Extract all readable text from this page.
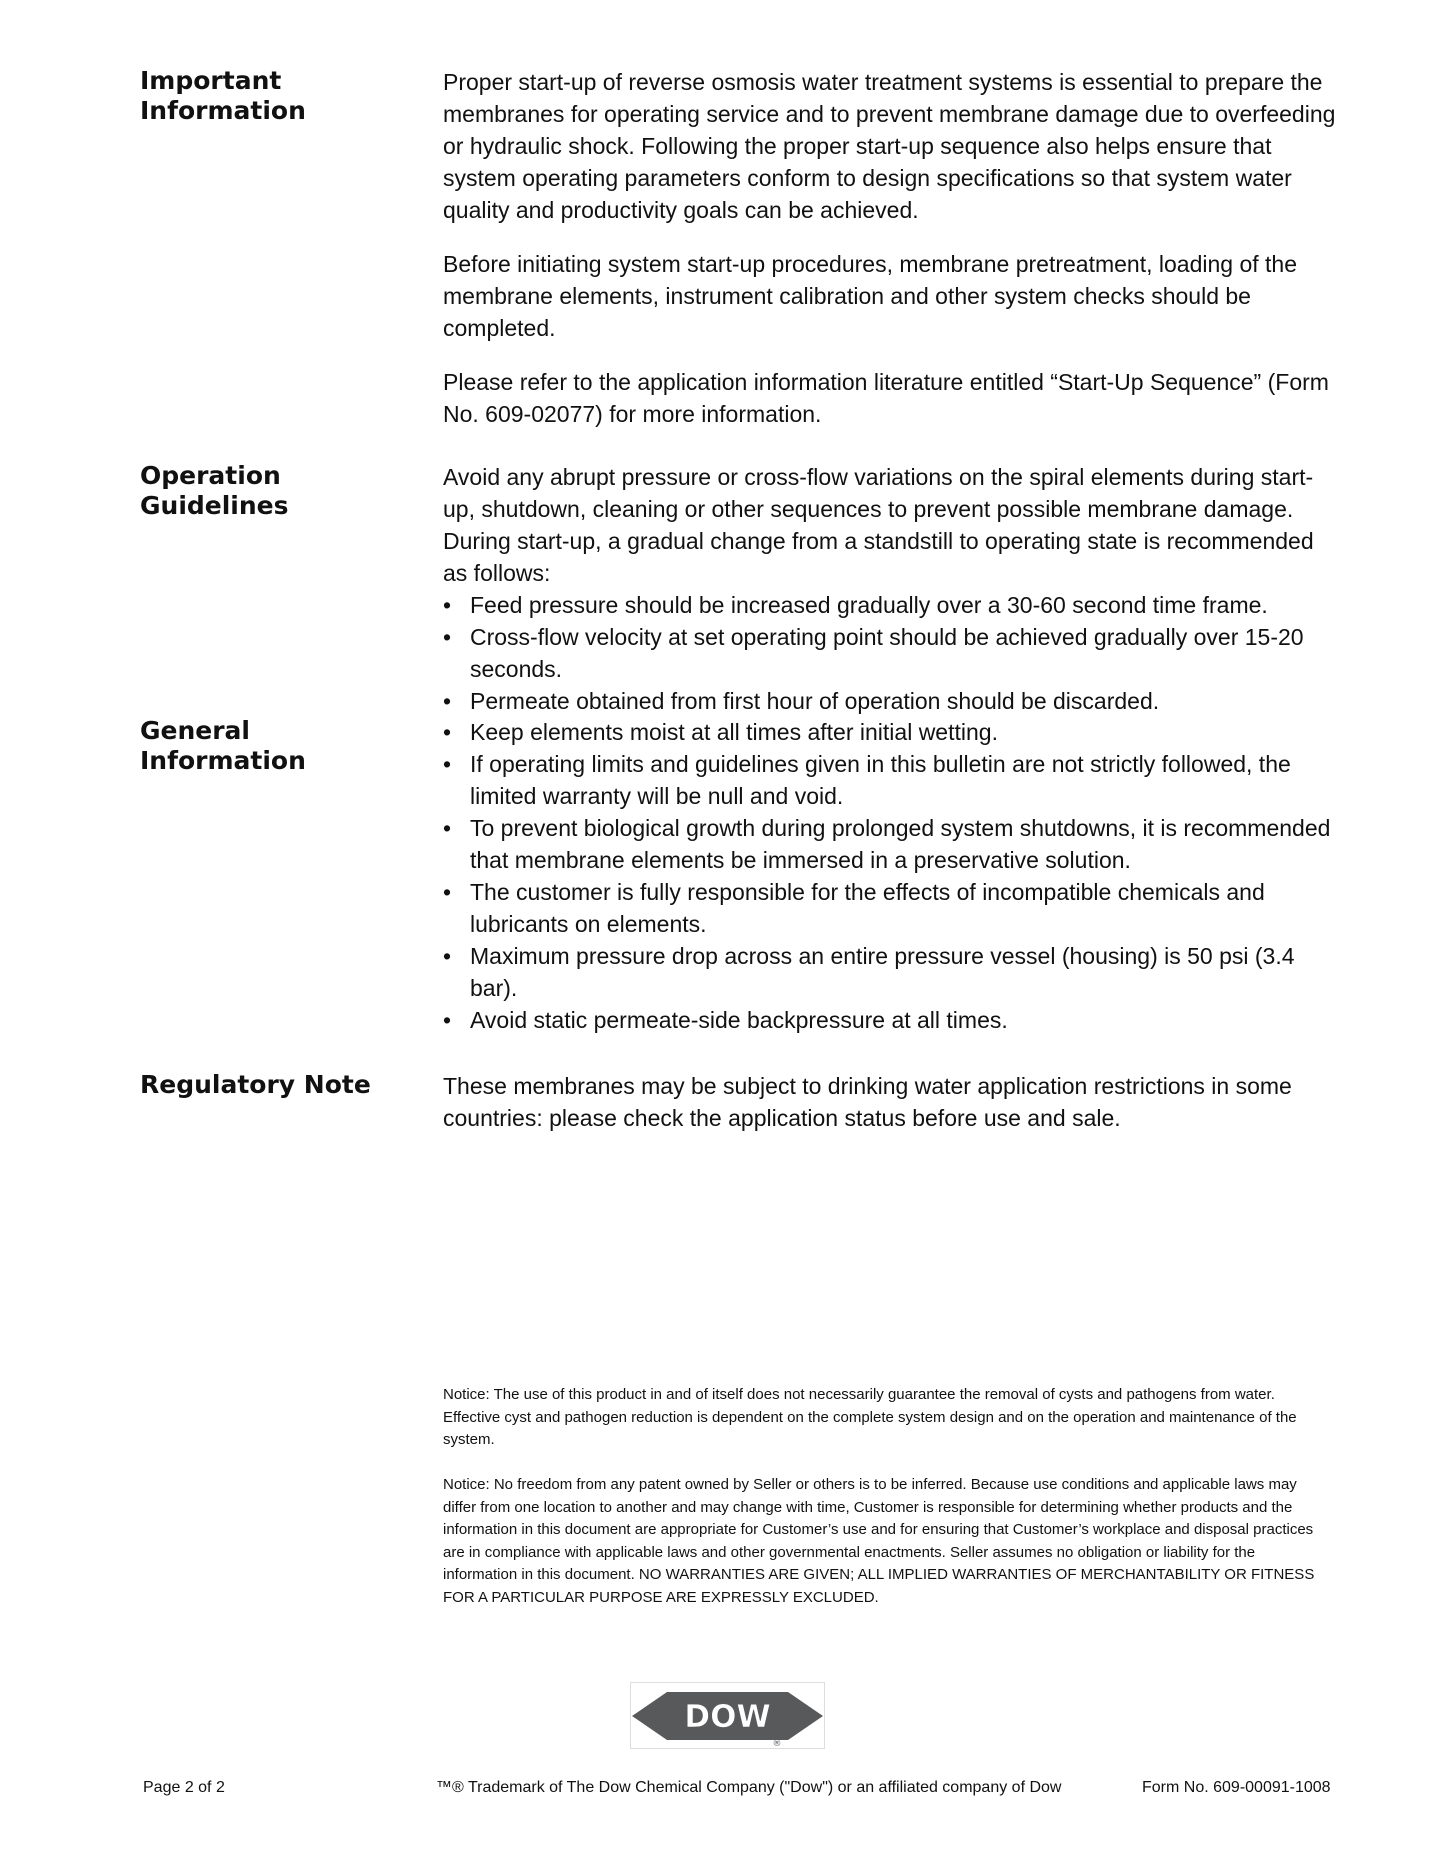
Important
Information

Proper start-up of reverse osmosis water treatment systems is essential to prepare the membranes for operating service and to prevent membrane damage due to overfeeding or hydraulic shock. Following the proper start-up sequence also helps ensure that system operating parameters conform to design specifications so that system water quality and productivity goals can be achieved.

Before initiating system start-up procedures, membrane pretreatment, loading of the membrane elements, instrument calibration and other system checks should be completed.

Please refer to the application information literature entitled “Start-Up Sequence” (Form No. 609-02077) for more information.

Operation
Guidelines

Avoid any abrupt pressure or cross-flow variations on the spiral elements during start-up, shutdown, cleaning or other sequences to prevent possible membrane damage. During start-up, a gradual change from a standstill to operating state is recommended as follows:

• Feed pressure should be increased gradually over a 30-60 second time frame.
• Cross-flow velocity at set operating point should be achieved gradually over 15-20 seconds.
• Permeate obtained from first hour of operation should be discarded.
General
Information
• Keep elements moist at all times after initial wetting.
• If operating limits and guidelines given in this bulletin are not strictly followed, the limited warranty will be null and void.
• To prevent biological growth during prolonged system shutdowns, it is recommended that membrane elements be immersed in a preservative solution.
• The customer is fully responsible for the effects of incompatible chemicals and lubricants on elements.
• Maximum pressure drop across an entire pressure vessel (housing) is 50 psi (3.4 bar).
• Avoid static permeate-side backpressure at all times.
Regulatory Note	These membranes may be subject to drinking water application restrictions in some countries: please check the application status before use and sale.

Notice: The use of this product in and of itself does not necessarily guarantee the removal of cysts and pathogens from water. Effective cyst and pathogen reduction is dependent on the complete system design and on the operation and maintenance of the system.

Notice: No freedom from any patent owned by Seller or others is to be inferred. Because use conditions and applicable laws may differ from one location to another and may change with time, Customer is responsible for determining whether products and the information in this document are appropriate for Customer’s use and for ensuring that Customer’s workplace and disposal practices are in compliance with applicable laws and other governmental enactments. Seller assumes no obligation or liability for the information in this document. NO WARRANTIES ARE GIVEN; ALL IMPLIED WARRANTIES OF MERCHANTABILITY OR FITNESS FOR A PARTICULAR PURPOSE ARE EXPRESSLY EXCLUDED.

DOW
®
Page 2 of 2	™® Trademark of The Dow Chemical Company ("Dow") or an affiliated company of Dow	Form No. 609-00091-1008
